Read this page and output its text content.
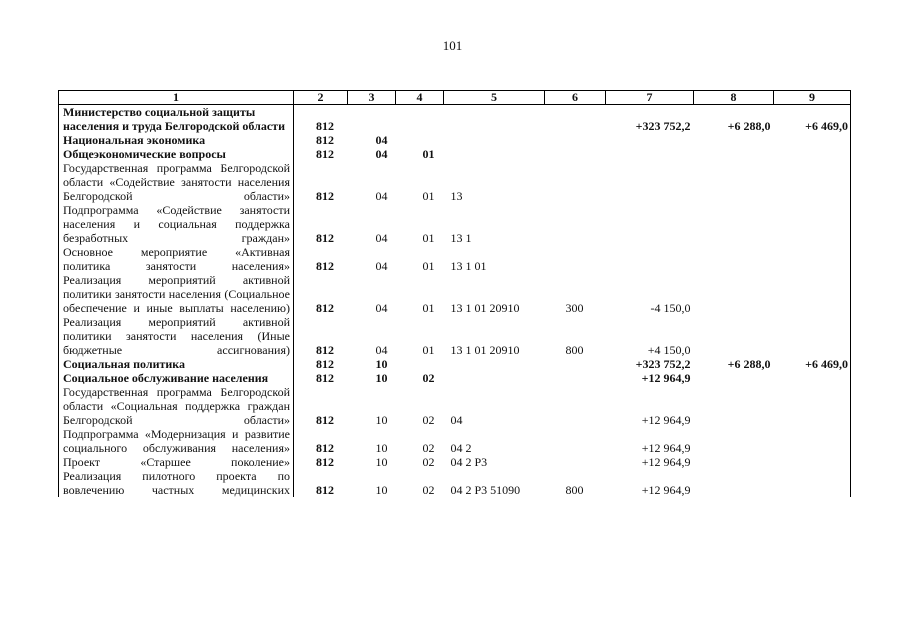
101
1	2	3	4	5	6	7	8	9
Министерство социальной защиты населения и труда Белгородской области	812					+323 752,2	+6 288,0	+6 469,0
Национальная экономика	812	04						
Общеэкономические вопросы	812	04	01					
Государственная программа Белгородской области «Содействие занятости населения Белгородской области»	812	04	01	13				
Подпрограмма «Содействие занятости населения и социальная поддержка безработных граждан»	812	04	01	13 1				
Основное мероприятие «Активная политика занятости населения»	812	04	01	13 1 01				
Реализация мероприятий активной политики занятости населения (Социальное обеспечение и иные выплаты населению)	812	04	01	13 1 01 20910	300	-4 150,0		
Реализация мероприятий активной политики занятости населения (Иные бюджетные ассигнования)	812	04	01	13 1 01 20910	800	+4 150,0		
Социальная политика	812	10				+323 752,2	+6 288,0	+6 469,0
Социальное обслуживание населения	812	10	02			+12 964,9		
Государственная программа Белгородской области «Социальная поддержка граждан Белгородской области»	812	10	02	04		+12 964,9		
Подпрограмма «Модернизация и развитие социального обслуживания населения»	812	10	02	04 2		+12 964,9		
Проект «Старшее поколение»	812	10	02	04 2 Р3		+12 964,9		
Реализация пилотного проекта по вовлечению частных медицинских	812	10	02	04 2 Р3 51090	800	+12 964,9		
